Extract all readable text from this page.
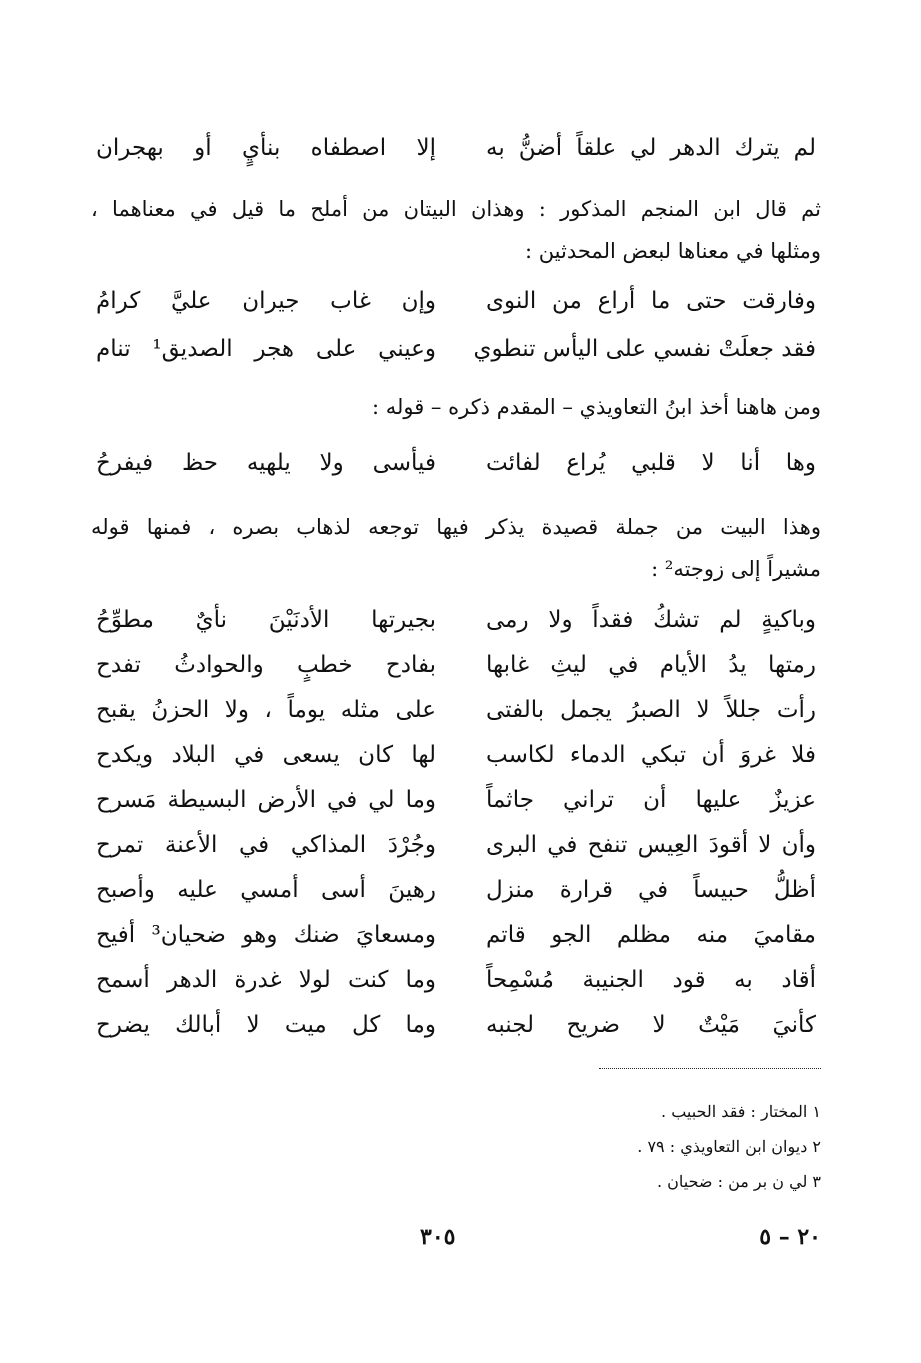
لم يترك الدهر لي علقاً أضنُّ به
إلا اصطفاه بنأيٍ أو بهجران
ثم قال ابن المنجم المذكور : وهذان البيتان من أملح ما قيل في معناهما ،
ومثلها في معناها لبعض المحدثين :
وفارقت حتى ما أراع من النوى
وإن غاب جيران عليَّ كرامُ
فقد جعلَتْ نفسي على اليأس تنطوي
وعيني على هجر الصديق¹ تنام
ومن هاهنا أخذ ابنُ التعاويذي – المقدم ذكره – قوله :
وها أنا لا قلبي يُراع لفائت
فيأسى ولا يلهيه حظ فيفرحُ
وهذا البيت من جملة قصيدة يذكر فيها توجعه لذهاب بصره ، فمنها قوله
مشيراً إلى زوجته² :
وباكيةٍ لم تشكُ فقداً ولا رمى
بجيرتها الأدنَيْنَ نأيٌ مطوِّحُ
رمتها يدُ الأيام في ليثِ غابها
بفادح خطبٍ والحوادثُ تفدح
رأت جللاً لا الصبرُ يجمل بالفتى
على مثله يوماً ، ولا الحزنُ يقبح
فلا غروَ أن تبكي الدماء لكاسب
لها كان يسعى في البلاد ويكدح
عزيزٌ عليها أن تراني جاثماً
وما لي في الأرض البسيطة مَسرح
وأن لا أقودَ العِيس تنفح في البرى
وجُرْدَ المذاكي في الأعنة تمرح
أظلُّ حبيساً في قرارة منزل
رهينَ أسى أمسي عليه وأصبح
مقاميَ منه مظلم الجو قاتم
ومسعايَ ضنك وهو ضحيان³ أفيح
أقاد به قود الجنيبة مُسْمِحاً
وما كنت لولا غدرة الدهر أسمح
كأنيَ مَيْتٌ لا ضريح لجنبه
وما كل ميت لا أبالك يضرح
١ المختار : فقد الحبيب .
٢ ديوان ابن التعاويذي : ٧٩ .
٣ لي ن بر من : ضحيان .
٣٠٥	٢٠ – ٥
